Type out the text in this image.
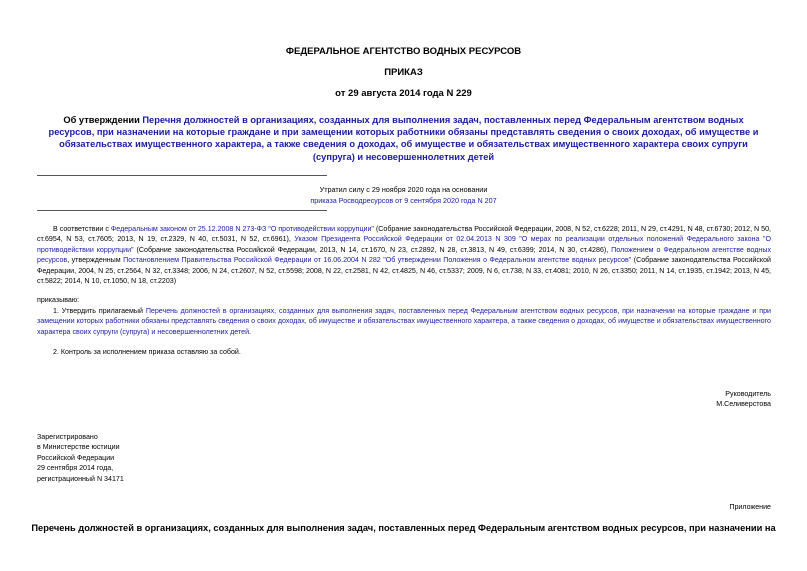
ФЕДЕРАЛЬНОЕ АГЕНТСТВО ВОДНЫХ РЕСУРСОВ
ПРИКАЗ
от 29 августа 2014 года N 229
Об утверждении Перечня должностей в организациях, созданных для выполнения задач, поставленных перед Федеральным агентством водных ресурсов, при назначении на которые граждане и при замещении которых работники обязаны представлять сведения о своих доходах, об имуществе и обязательствах имущественного характера, а также сведения о доходах, об имуществе и обязательствах имущественного характера своих супруги (супруга) и несовершеннолетних детей
Утратил силу с 29 ноября 2020 года на основании
приказа Росводресурсов от 9 сентября 2020 года N 207
В соответствии с Федеральным законом от 25.12.2008 N 273-ФЗ "О противодействии коррупции" (Собрание законодательства Российской Федерации, 2008, N 52, ст.6228; 2011, N 29, ст.4291, N 48, ст.6730; 2012, N 50, ст.6954, N 53, ст.7605; 2013, N 19, ст.2329, N 40, ст.5031, N 52, ст.6961), Указом Президента Российской Федерации от 02.04.2013 N 309 "О мерах по реализации отдельных положений Федерального закона "О противодействии коррупции" (Собрание законодательства Российской Федерации, 2013, N 14, ст.1670, N 23, ст.2892, N 28, ст.3813, N 49, ст.6399; 2014, N 30, ст.4286), Положением о Федеральном агентстве водных ресурсов, утвержденным Постановлением Правительства Российской Федерации от 16.06.2004 N 282 "Об утверждении Положения о Федеральном агентстве водных ресурсов" (Собрание законодательства Российской Федерации, 2004, N 25, ст.2564, N 32, ст.3348; 2006, N 24, ст.2607, N 52, ст.5598; 2008, N 22, ст.2581, N 42, ст.4825, N 46, ст.5337; 2009, N 6, ст.738, N 33, ст.4081; 2010, N 26, ст.3350; 2011, N 14, ст.1935, ст.1942; 2013, N 45, ст.5822; 2014, N 10, ст.1050, N 18, ст.2203)
приказываю:
1. Утвердить прилагаемый Перечень должностей в организациях, созданных для выполнения задач, поставленных перед Федеральным агентством водных ресурсов, при назначении на которые граждане и при замещении которых работники обязаны представлять сведения о своих доходах, об имуществе и обязательствах имущественного характера, а также сведения о доходах, об имуществе и обязательствах имущественного характера своих супруги (супруга) и несовершеннолетних детей.
2. Контроль за исполнением приказа оставляю за собой.
Руководитель
М.Селиверстова
Зарегистрировано
в Министерстве юстиции
Российской Федерации
29 сентября 2014 года,
регистрационный N 34171
Приложение
Перечень должностей в организациях, созданных для выполнения задач, поставленных перед Федеральным агентством водных ресурсов, при назначении на
